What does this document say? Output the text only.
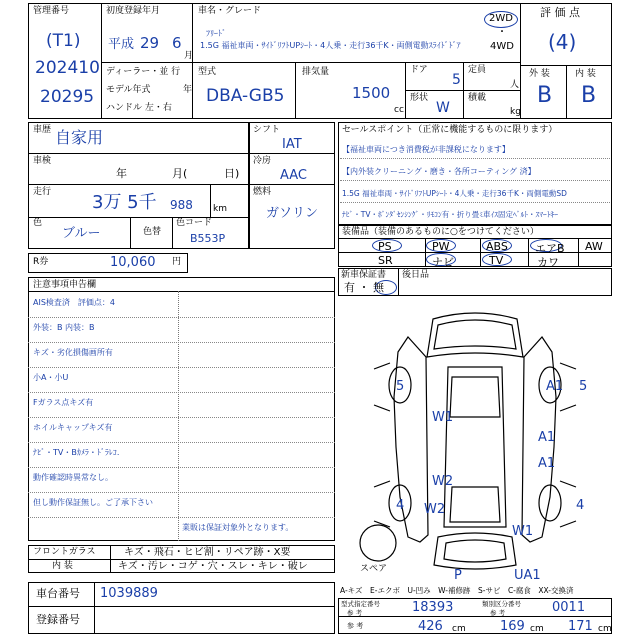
管理番号
(T1)
202410
20295
初度登録年月
平成 29 6
月
車名・グレード
ﾌﾘｰﾄﾞ
1.5G 福祉車両・ｻｲﾄﾞﾘﾌﾄUPｼｰﾄ・4人乗・走行36千K・両側電動ｽﾗｲﾄﾞﾄﾞｱ
2WD
・
4WD
評 価 点
(4)
外 装	内 装
B B
ディーラー・並 行
モデル年式	年
ハンドル 左・右
型式
DBA-GB5
排気量
1500
cc
ドア
5
形状
W
定員
人
積載
kg
車歴 自家用
車検
年	月(	日)
走行 3万 5千 988 km
色
ブルー	色替
色コード
B553P
シフト
IAT
冷房
AAC
燃料
ガソリン
R券	10,060 円
セールスポイント（正常に機能するものに限ります）
【福祉車両につき消費税が非課税になります】
【内外装クリーニング・磨き・各所コーティング 済】
1.5G 福祉車両・ｻｲﾄﾞﾘﾌﾄUPｼｰﾄ・4人乗・走行36千K・両側電動SD
ﾅﾋﾞ・TV・ﾎﾞﾝﾀﾞｾﾝｼﾝｸﾞ・ﾘﾓｺﾝ有・折り畳ﾐ車ｲｽ固定ﾍﾞﾙﾄ・ｽﾏｰﾄｷｰ
装備品（装備のあるものに○をつけてください）
PS	PW	ABS エアB AW
SR	ナビ	TV	カワ
新車保証書
有 ・ 無
後日品
注意事項申告欄
AIS検査済　評価点：4
外装：B 内装：B
キズ・劣化損傷画所有
小A・小U
Fガラス点キズ有
ホイルキャップキズ有
ﾅﾋﾞ・TV・Bｶﾒﾗ・ﾄﾞﾗﾚｺ.
動作確認時異常なし。
但し動作保証無し。ご了承下さい
業販は保証対象外となります。
フロントガラス	キズ・飛石・ヒビ割・リペア跡・X要
内 装	キズ・汚レ・コゲ・穴・スレ・キレ・破レ
車台番号 1039889
登録番号
A-キズ　E-エクボ　U-凹み　W-補修跡　S-サビ　C-腐食　XX-交換済
型式指定番号
参 考	18393	類別区分番号
参 考	0011
参 考	426 cm	169 cm 171 cm
5	A1 5
W1
A1
A1
W2
4 W2	4
W1
P	UA1
スペア
